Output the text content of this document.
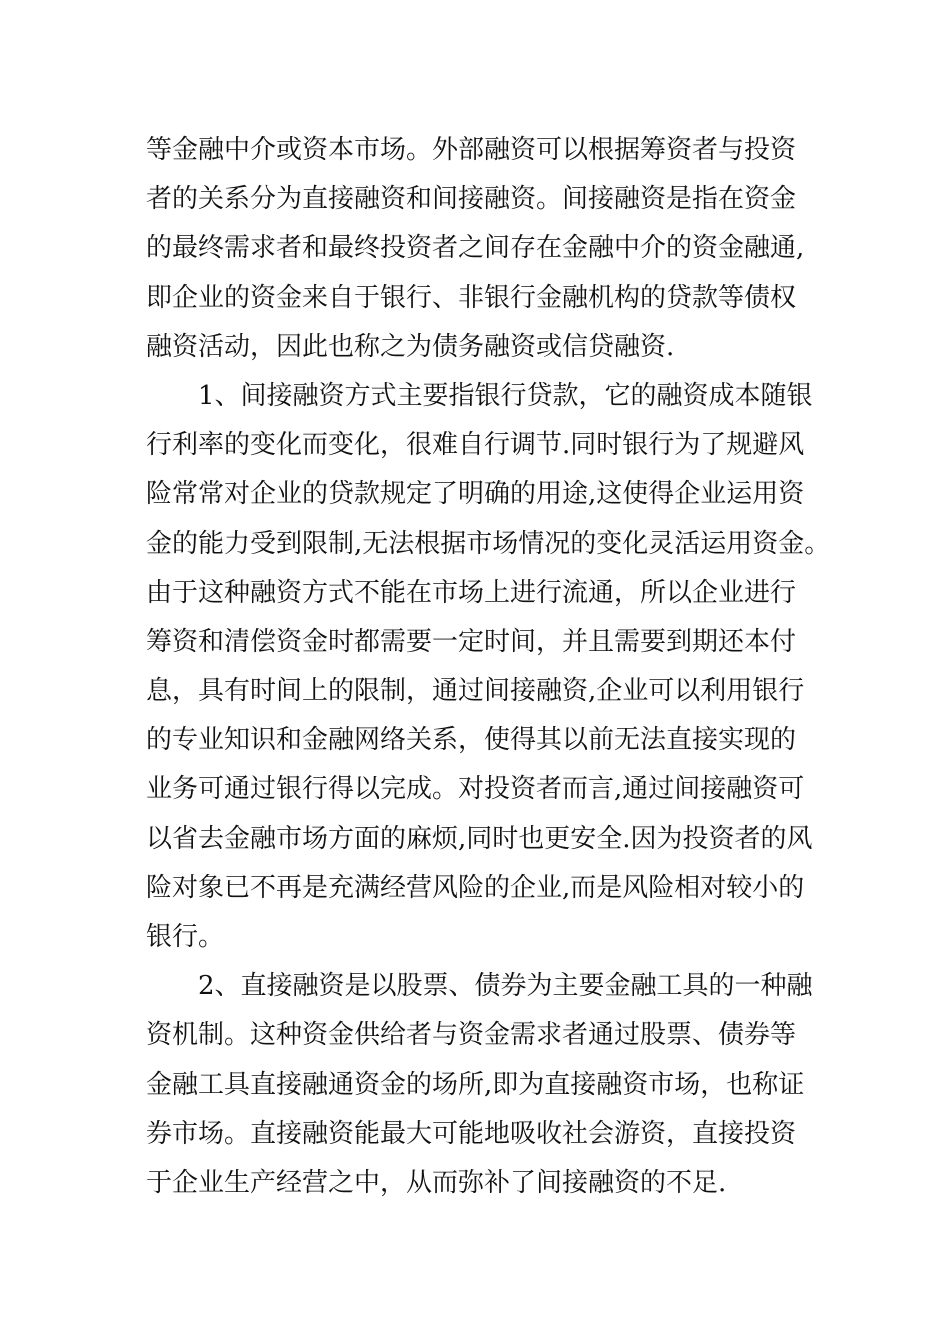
等金融中介或资本市场。外部融资可以根据筹资者与投资
者的关系分为直接融资和间接融资。间接融资是指在资金
的最终需求者和最终投资者之间存在金融中介的资金融通,
即企业的资金来自于银行、非银行金融机构的贷款等债权
融资活动，因此也称之为债务融资或信贷融资.
1、间接融资方式主要指银行贷款，它的融资成本随银
行利率的变化而变化，很难自行调节.同时银行为了规避风
险常常对企业的贷款规定了明确的用途,这使得企业运用资
金的能力受到限制,无法根据市场情况的变化灵活运用资金。
由于这种融资方式不能在市场上进行流通，所以企业进行
筹资和清偿资金时都需要一定时间，并且需要到期还本付
息，具有时间上的限制，通过间接融资,企业可以利用银行
的专业知识和金融网络关系，使得其以前无法直接实现的
业务可通过银行得以完成。对投资者而言,通过间接融资可
以省去金融市场方面的麻烦,同时也更安全.因为投资者的风
险对象已不再是充满经营风险的企业,而是风险相对较小的
银行。
2、直接融资是以股票、债券为主要金融工具的一种融
资机制。这种资金供给者与资金需求者通过股票、债券等
金融工具直接融通资金的场所,即为直接融资市场，也称证
券市场。直接融资能最大可能地吸收社会游资，直接投资
于企业生产经营之中，从而弥补了间接融资的不足.
